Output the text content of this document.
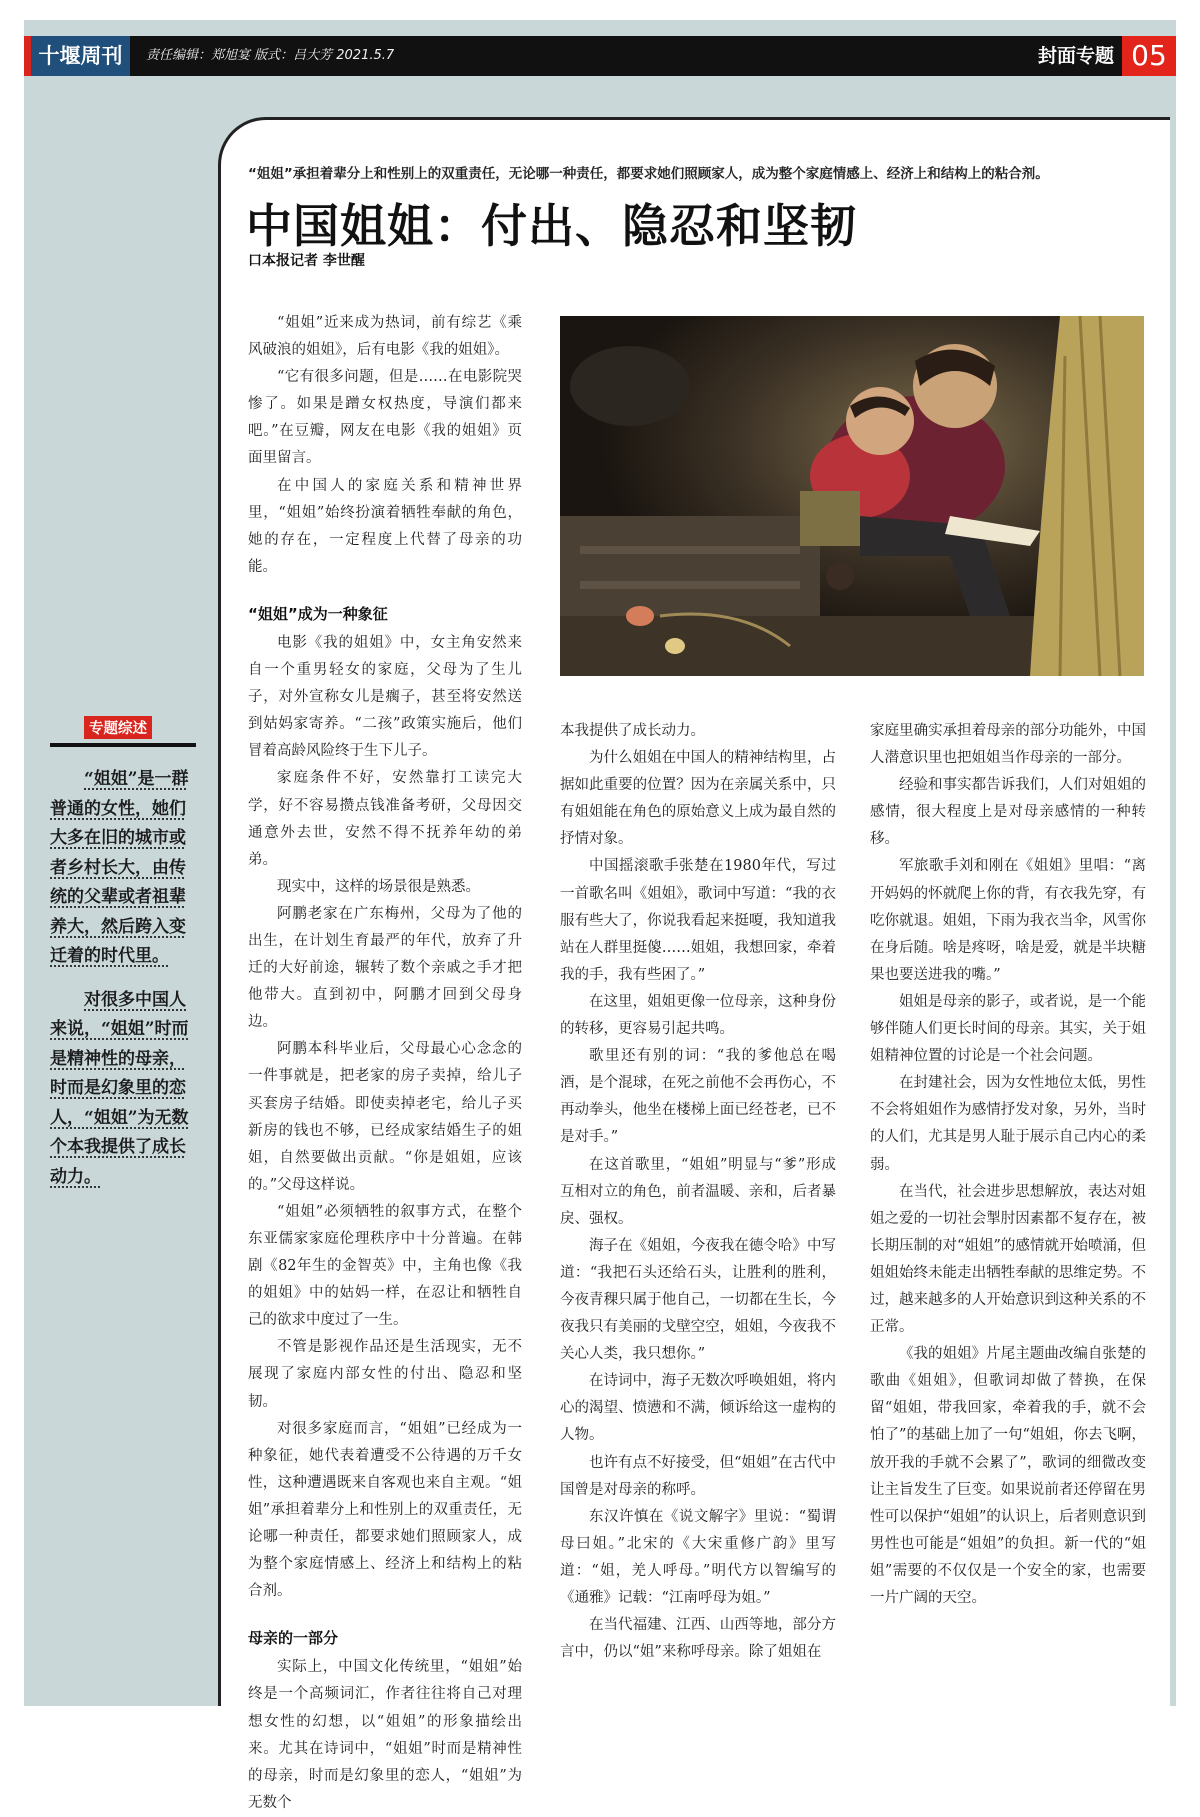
十堰周刊	责任编辑：郑旭宴 版式：吕大芳 2021.5.7	封面专题 05
“姐姐”承担着辈分上和性别上的双重责任，无论哪一种责任，都要求她们照顾家人，成为整个家庭情感上、经济上和结构上的粘合剂。
中国姐姐：付出、隐忍和坚韧
口本报记者 李世醒

“姐姐”近来成为热词，前有综艺《乘风破浪的姐姐》，后有电影《我的姐姐》。

“它有很多问题，但是……在电影院哭惨了。如果是蹭女权热度，导演们都来吧。”在豆瓣，网友在电影《我的姐姐》页面里留言。

在中国人的家庭关系和精神世界里，“姐姐”始终扮演着牺牲奉献的角色，她的存在，一定程度上代替了母亲的功能。

“姐姐”成为一种象征

电影《我的姐姐》中，女主角安然来自一个重男轻女的家庭，父母为了生儿子，对外宣称女儿是瘸子，甚至将安然送到姑妈家寄养。“二孩”政策实施后，他们冒着高龄风险终于生下儿子。

家庭条件不好，安然靠打工读完大学，好不容易攒点钱准备考研，父母因交通意外去世，安然不得不抚养年幼的弟弟。

现实中，这样的场景很是熟悉。

阿鹏老家在广东梅州，父母为了他的出生，在计划生育最严的年代，放弃了升迁的大好前途，辗转了数个亲戚之手才把他带大。直到初中，阿鹏才回到父母身边。

阿鹏本科毕业后，父母最心心念念的一件事就是，把老家的房子卖掉，给儿子买套房子结婚。即使卖掉老宅，给儿子买新房的钱也不够，已经成家结婚生子的姐姐，自然要做出贡献。“你是姐姐，应该的。”父母这样说。

“姐姐”必须牺牲的叙事方式，在整个东亚儒家家庭伦理秩序中十分普遍。在韩剧《82年生的金智英》中，主角也像《我的姐姐》中的姑妈一样，在忍让和牺牲自己的欲求中度过了一生。

不管是影视作品还是生活现实，无不展现了家庭内部女性的付出、隐忍和坚韧。

对很多家庭而言，“姐姐”已经成为一种象征，她代表着遭受不公待遇的万千女性，这种遭遇既来自客观也来自主观。“姐姐”承担着辈分上和性别上的双重责任，无论哪一种责任，都要求她们照顾家人，成为整个家庭情感上、经济上和结构上的粘合剂。

母亲的一部分

实际上，中国文化传统里，“姐姐”始终是一个高频词汇，作者往往将自己对理想女性的幻想，以“姐姐”的形象描绘出来。尤其在诗词中，“姐姐”时而是精神性的母亲，时而是幻象里的恋人，“姐姐”为无数个

本我提供了成长动力。

为什么姐姐在中国人的精神结构里，占据如此重要的位置？因为在亲属关系中，只有姐姐能在角色的原始意义上成为最自然的抒情对象。

中国摇滚歌手张楚在1980年代，写过一首歌名叫《姐姐》，歌词中写道：“我的衣服有些大了，你说我看起来挺嗄，我知道我站在人群里挺傻……姐姐，我想回家，牵着我的手，我有些困了。”

在这里，姐姐更像一位母亲，这种身份的转移，更容易引起共鸣。

歌里还有别的词：“我的爹他总在喝酒，是个混球，在死之前他不会再伤心，不再动拳头，他坐在楼梯上面已经苍老，已不是对手。”

在这首歌里，“姐姐”明显与“爹”形成互相对立的角色，前者温暖、亲和，后者暴戾、强权。

海子在《姐姐，今夜我在德令哈》中写道：“我把石头还给石头，让胜利的胜利，今夜青稞只属于他自己，一切都在生长，今夜我只有美丽的戈壁空空，姐姐，今夜我不关心人类，我只想你。”

在诗词中，海子无数次呼唤姐姐，将内心的渴望、愤懑和不满，倾诉给这一虚构的人物。

也许有点不好接受，但“姐姐”在古代中国曾是对母亲的称呼。

东汉许慎在《说文解字》里说：“蜀谓母曰姐。”北宋的《大宋重修广韵》里写道：“姐，羌人呼母。”明代方以智编写的《通雅》记载：“江南呼母为姐。”

在当代福建、江西、山西等地，部分方言中，仍以“姐”来称呼母亲。除了姐姐在

家庭里确实承担着母亲的部分功能外，中国人潜意识里也把姐姐当作母亲的一部分。

经验和事实都告诉我们，人们对姐姐的感情，很大程度上是对母亲感情的一种转移。

军旅歌手刘和刚在《姐姐》里唱：“离开妈妈的怀就爬上你的背，有衣我先穿，有吃你就退。姐姐，下雨为我衣当伞，风雪你在身后随。啥是疼呀，啥是爱，就是半块糖果也要送进我的嘴。”

姐姐是母亲的影子，或者说，是一个能够伴随人们更长时间的母亲。其实，关于姐姐精神位置的讨论是一个社会问题。

在封建社会，因为女性地位太低，男性不会将姐姐作为感情抒发对象，另外，当时的人们，尤其是男人耻于展示自己内心的柔弱。

在当代，社会进步思想解放，表达对姐姐之爱的一切社会掣肘因素都不复存在，被长期压制的对“姐姐”的感情就开始喷涌，但姐姐始终未能走出牺牲奉献的思维定势。不过，越来越多的人开始意识到这种关系的不正常。

《我的姐姐》片尾主题曲改编自张楚的歌曲《姐姐》，但歌词却做了替换，在保留“姐姐，带我回家，牵着我的手，就不会怕了”的基础上加了一句“姐姐，你去飞啊，放开我的手就不会累了”，歌词的细微改变让主旨发生了巨变。如果说前者还停留在男性可以保护“姐姐”的认识上，后者则意识到男性也可能是“姐姐”的负担。新一代的“姐姐”需要的不仅仅是一个安全的家，也需要一片广阔的天空。

专题综述

“姐姐”是一群普通的女性，她们大多在旧的城市或者乡村长大，由传统的父辈或者祖辈养大，然后跨入变迁着的时代里。

对很多中国人来说，“姐姐”时而是精神性的母亲，时而是幻象里的恋人，“姐姐”为无数个本我提供了成长动力。
